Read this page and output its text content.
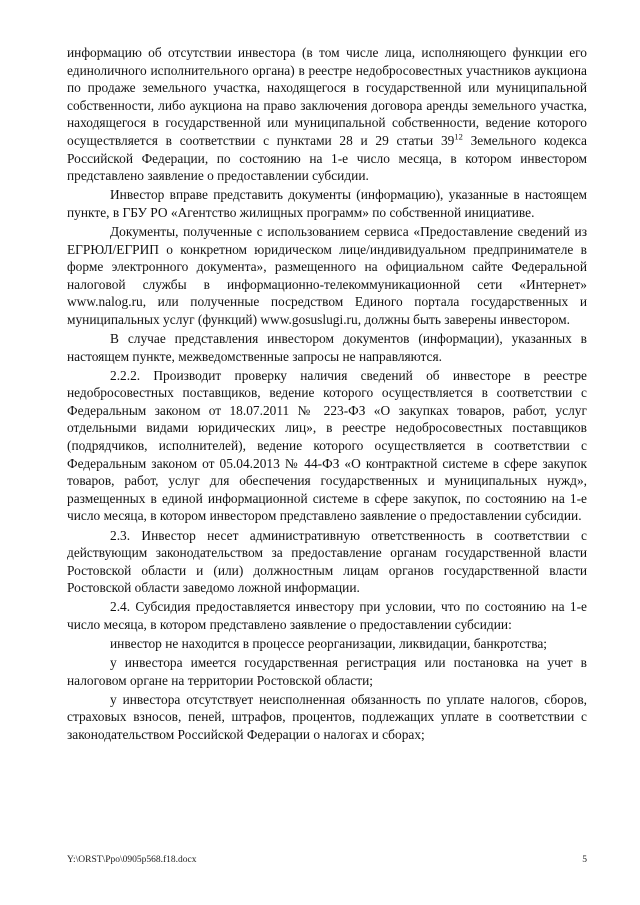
информацию об отсутствии инвестора (в том числе лица, исполняющего функции его единоличного исполнительного органа) в реестре недобросовестных участников аукциона по продаже земельного участка, находящегося в государственной или муниципальной собственности, либо аукциона на право заключения договора аренды земельного участка, находящегося в государственной или муниципальной собственности, ведение которого осуществляется в соответствии с пунктами 28 и 29 статьи $39^{12}$ Земельного кодекса Российской Федерации, по состоянию на 1-е число месяца, в котором инвестором представлено заявление о предоставлении субсидии.

Инвестор вправе представить документы (информацию), указанные в настоящем пункте, в ГБУ РО «Агентство жилищных программ» по собственной инициативе.

Документы, полученные с использованием сервиса «Предоставление сведений из ЕГРЮЛ/ЕГРИП о конкретном юридическом лице/индивидуальном предпринимателе в форме электронного документа», размещенного на официальном сайте Федеральной налоговой службы в информационно-телекоммуникационной сети «Интернет» www.nalog.ru, или полученные посредством Единого портала государственных и муниципальных услуг (функций) www.gosuslugi.ru, должны быть заверены инвестором.

В случае представления инвестором документов (информации), указанных в настоящем пункте, межведомственные запросы не направляются.

2.2.2. Производит проверку наличия сведений об инвесторе в реестре недобросовестных поставщиков, ведение которого осуществляется в соответствии с Федеральным законом от 18.07.2011 № 223-ФЗ «О закупках товаров, работ, услуг отдельными видами юридических лиц», в реестре недобросовестных поставщиков (подрядчиков, исполнителей), ведение которого осуществляется в соответствии с Федеральным законом от 05.04.2013 № 44-ФЗ «О контрактной системе в сфере закупок товаров, работ, услуг для обеспечения государственных и муниципальных нужд», размещенных в единой информационной системе в сфере закупок, по состоянию на 1-е число месяца, в котором инвестором представлено заявление о предоставлении субсидии.

2.3. Инвестор несет административную ответственность в соответствии с действующим законодательством за предоставление органам государственной власти Ростовской области и (или) должностным лицам органов государственной власти Ростовской области заведомо ложной информации.

2.4. Субсидия предоставляется инвестору при условии, что по состоянию на 1-е число месяца, в котором представлено заявление о предоставлении субсидии:

инвестор не находится в процессе реорганизации, ликвидации, банкротства;

у инвестора имеется государственная регистрация или постановка на учет в налоговом органе на территории Ростовской области;

у инвестора отсутствует неисполненная обязанность по уплате налогов, сборов, страховых взносов, пеней, штрафов, процентов, подлежащих уплате в соответствии с законодательством Российской Федерации о налогах и сборах;

Y:\ORST\Ppo\0905p568.f18.docx	5
